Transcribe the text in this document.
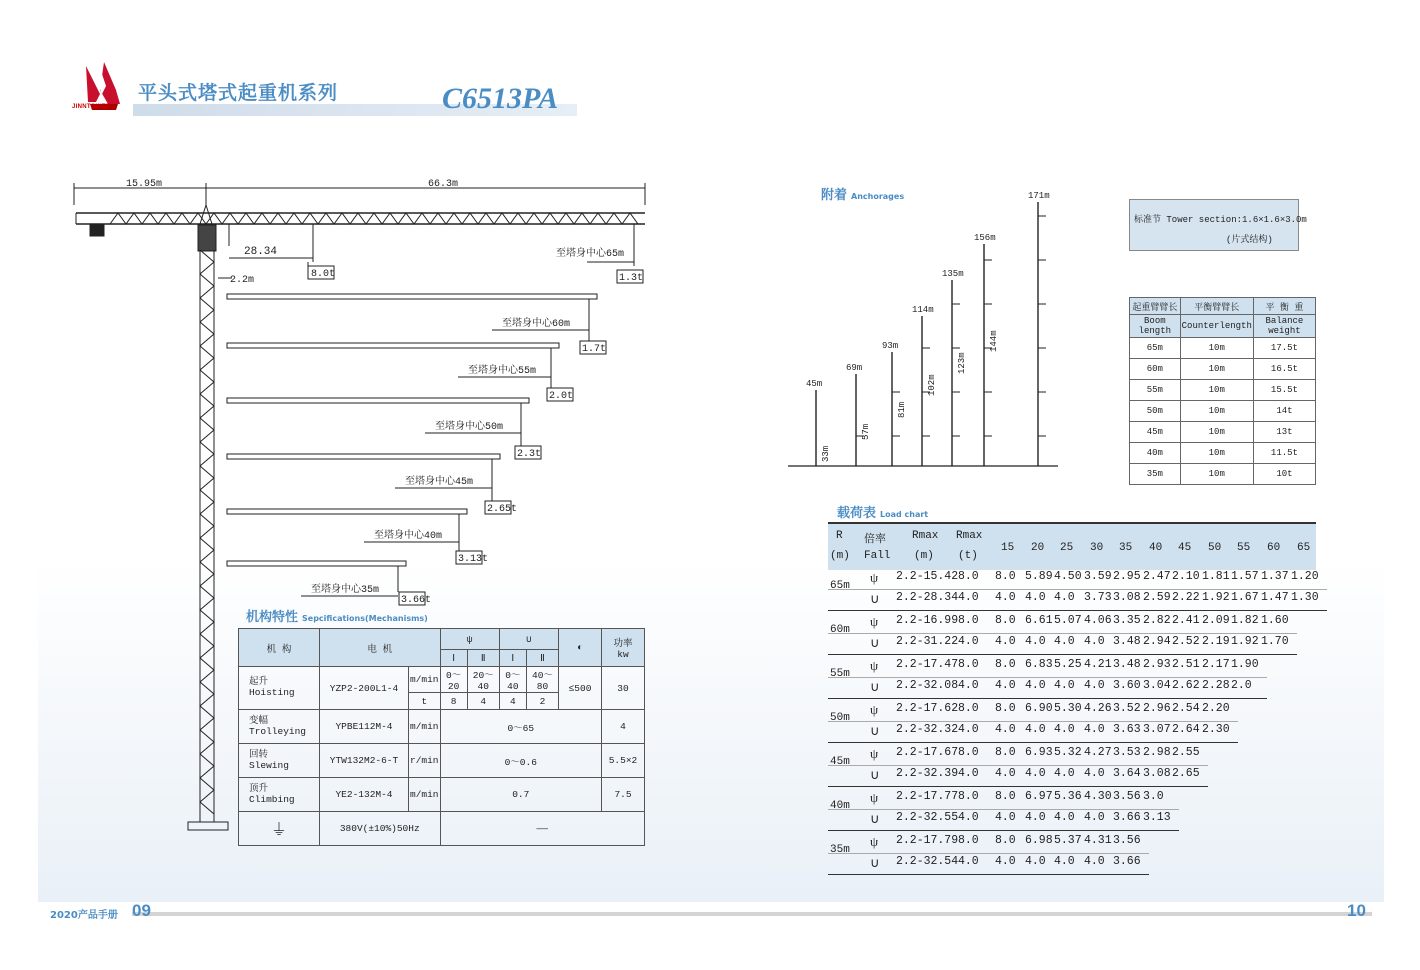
JINNTOWER
平头式塔式起重机系列	C6513PA
15.95m	66.3m
28.34
2.2m
8.0t
至塔身中心65m
1.3t
至塔身中心60m
1.7t
至塔身中心55m
2.0t
至塔身中心50m
2.3t
至塔身中心45m
2.65t
至塔身中心40m
3.13t
至塔身中心35m
3.66t
机构特性 Sepcifications(Mechanisms)
机 构	电 机		ψ		∪		◐	功率
kw
			Ⅰ	Ⅱ	Ⅰ	Ⅱ		
起升
Hoisting	YZP2-200L1-4	m/min	0～20	20～40	0～40	40～80	≤500	30
		t	8	4	4	2		
变幅
Trolleying	YPBE112M-4	m/min	0～65					4
回转
Slewing	YTW132M2-6-T	r/min	0～0.6					5.5×2
顶升
Climbing	YE2-132M-4	m/min	0.7					7.5
⏚	380V(±10%)50Hz		——					
附着 Anchorages
45m
69m
93m
114m
135m
156m
171m
33m
57m
81m
102m
123m
144m
标准节 Tower section:1.6×1.6×3.0m
(片式结构)
起重臂臂长	平衡臂臂长	平 衡 重
Boom length	Counterlength	Balance weight
65m	10m	17.5t
60m	10m	16.5t
55m	10m	15.5t
50m	10m	14t
45m	10m	13t
40m	10m	11.5t
35m	10m	10t
载荷表 Load chart
R
(m)
倍率
Fall
Rmax
(m)
Rmax
(t)
15 20 25 30 35 40 45 50 55 60 65
65m
ψ 2.2-15.42 8.0 8.0 5.89 4.50 3.59 2.95 2.47 2.10 1.81 1.57 1.37 1.20
∪ 2.2-28.34 4.0 4.0 4.0 4.0 3.73 3.08 2.59 2.22 1.92 1.67 1.47 1.30
60m
ψ 2.2-16.99 8.0 8.0 6.61 5.07 4.06 3.35 2.82 2.41 2.09 1.82 1.60
∪ 2.2-31.22 4.0 4.0 4.0 4.0 4.0 3.48 2.94 2.52 2.19 1.92 1.70
55m
ψ 2.2-17.47 8.0 8.0 6.83 5.25 4.21 3.48 2.93 2.51 2.17 1.90
∪ 2.2-32.08 4.0 4.0 4.0 4.0 4.0 3.60 3.04 2.62 2.28 2.0
50m
ψ 2.2-17.62 8.0 8.0 6.90 5.30 4.26 3.52 2.96 2.54 2.20
∪ 2.2-32.32 4.0 4.0 4.0 4.0 4.0 3.63 3.07 2.64 2.30
45m
ψ 2.2-17.67 8.0 8.0 6.93 5.32 4.27 3.53 2.98 2.55
∪ 2.2-32.39 4.0 4.0 4.0 4.0 4.0 3.64 3.08 2.65
40m
ψ 2.2-17.77 8.0 8.0 6.97 5.36 4.30 3.56 3.0
∪ 2.2-32.55 4.0 4.0 4.0 4.0 4.0 3.66 3.13
35m
ψ 2.2-17.79 8.0 8.0 6.98 5.37 4.31 3.56
∪ 2.2-32.54 4.0 4.0 4.0 4.0 4.0 3.66
2020产品手册 09	10
